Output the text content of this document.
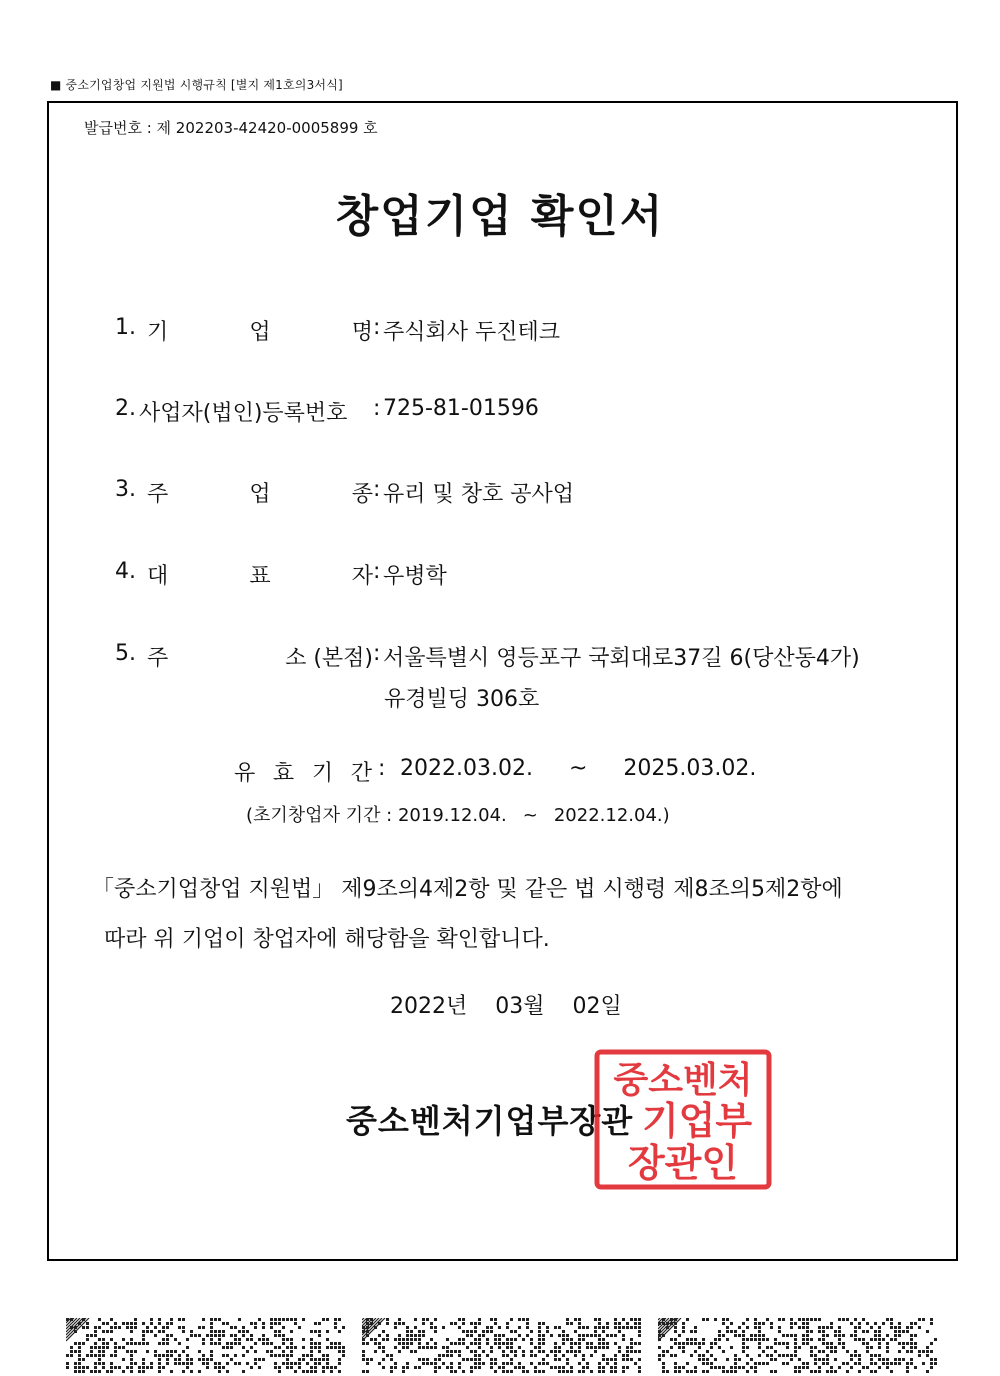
■ 중소기업창업 지원법 시행규칙 [별지 제1호의3서식]
발급번호 : 제 202203-42420-0005899 호
창업기업 확인서
1. 기	업	명 : 주식회사 두진테크
2. 사업자(법인)등록번호 : 725-81-01596
3. 주	업	종 : 유리 및 창호 공사업
4. 대	표	자 : 우병학
5. 주	소 (본점) : 서울특별시 영등포구 국회대로37길 6(당산동4가)
유경빌딩 306호
유 효 기 간 : 2022.03.02. ~ 2025.03.02.
(초기창업자 기간 : 2019.12.04. ~ 2022.12.04.)
「중소기업창업 지원법」 제9조의4제2항 및 같은 법 시행령 제8조의5제2항에
따라 위 기업이 창업자에 해당함을 확인합니다.
2022년 03월 02일
중소벤처기업부장관
중소벤처
기업부
장관인
